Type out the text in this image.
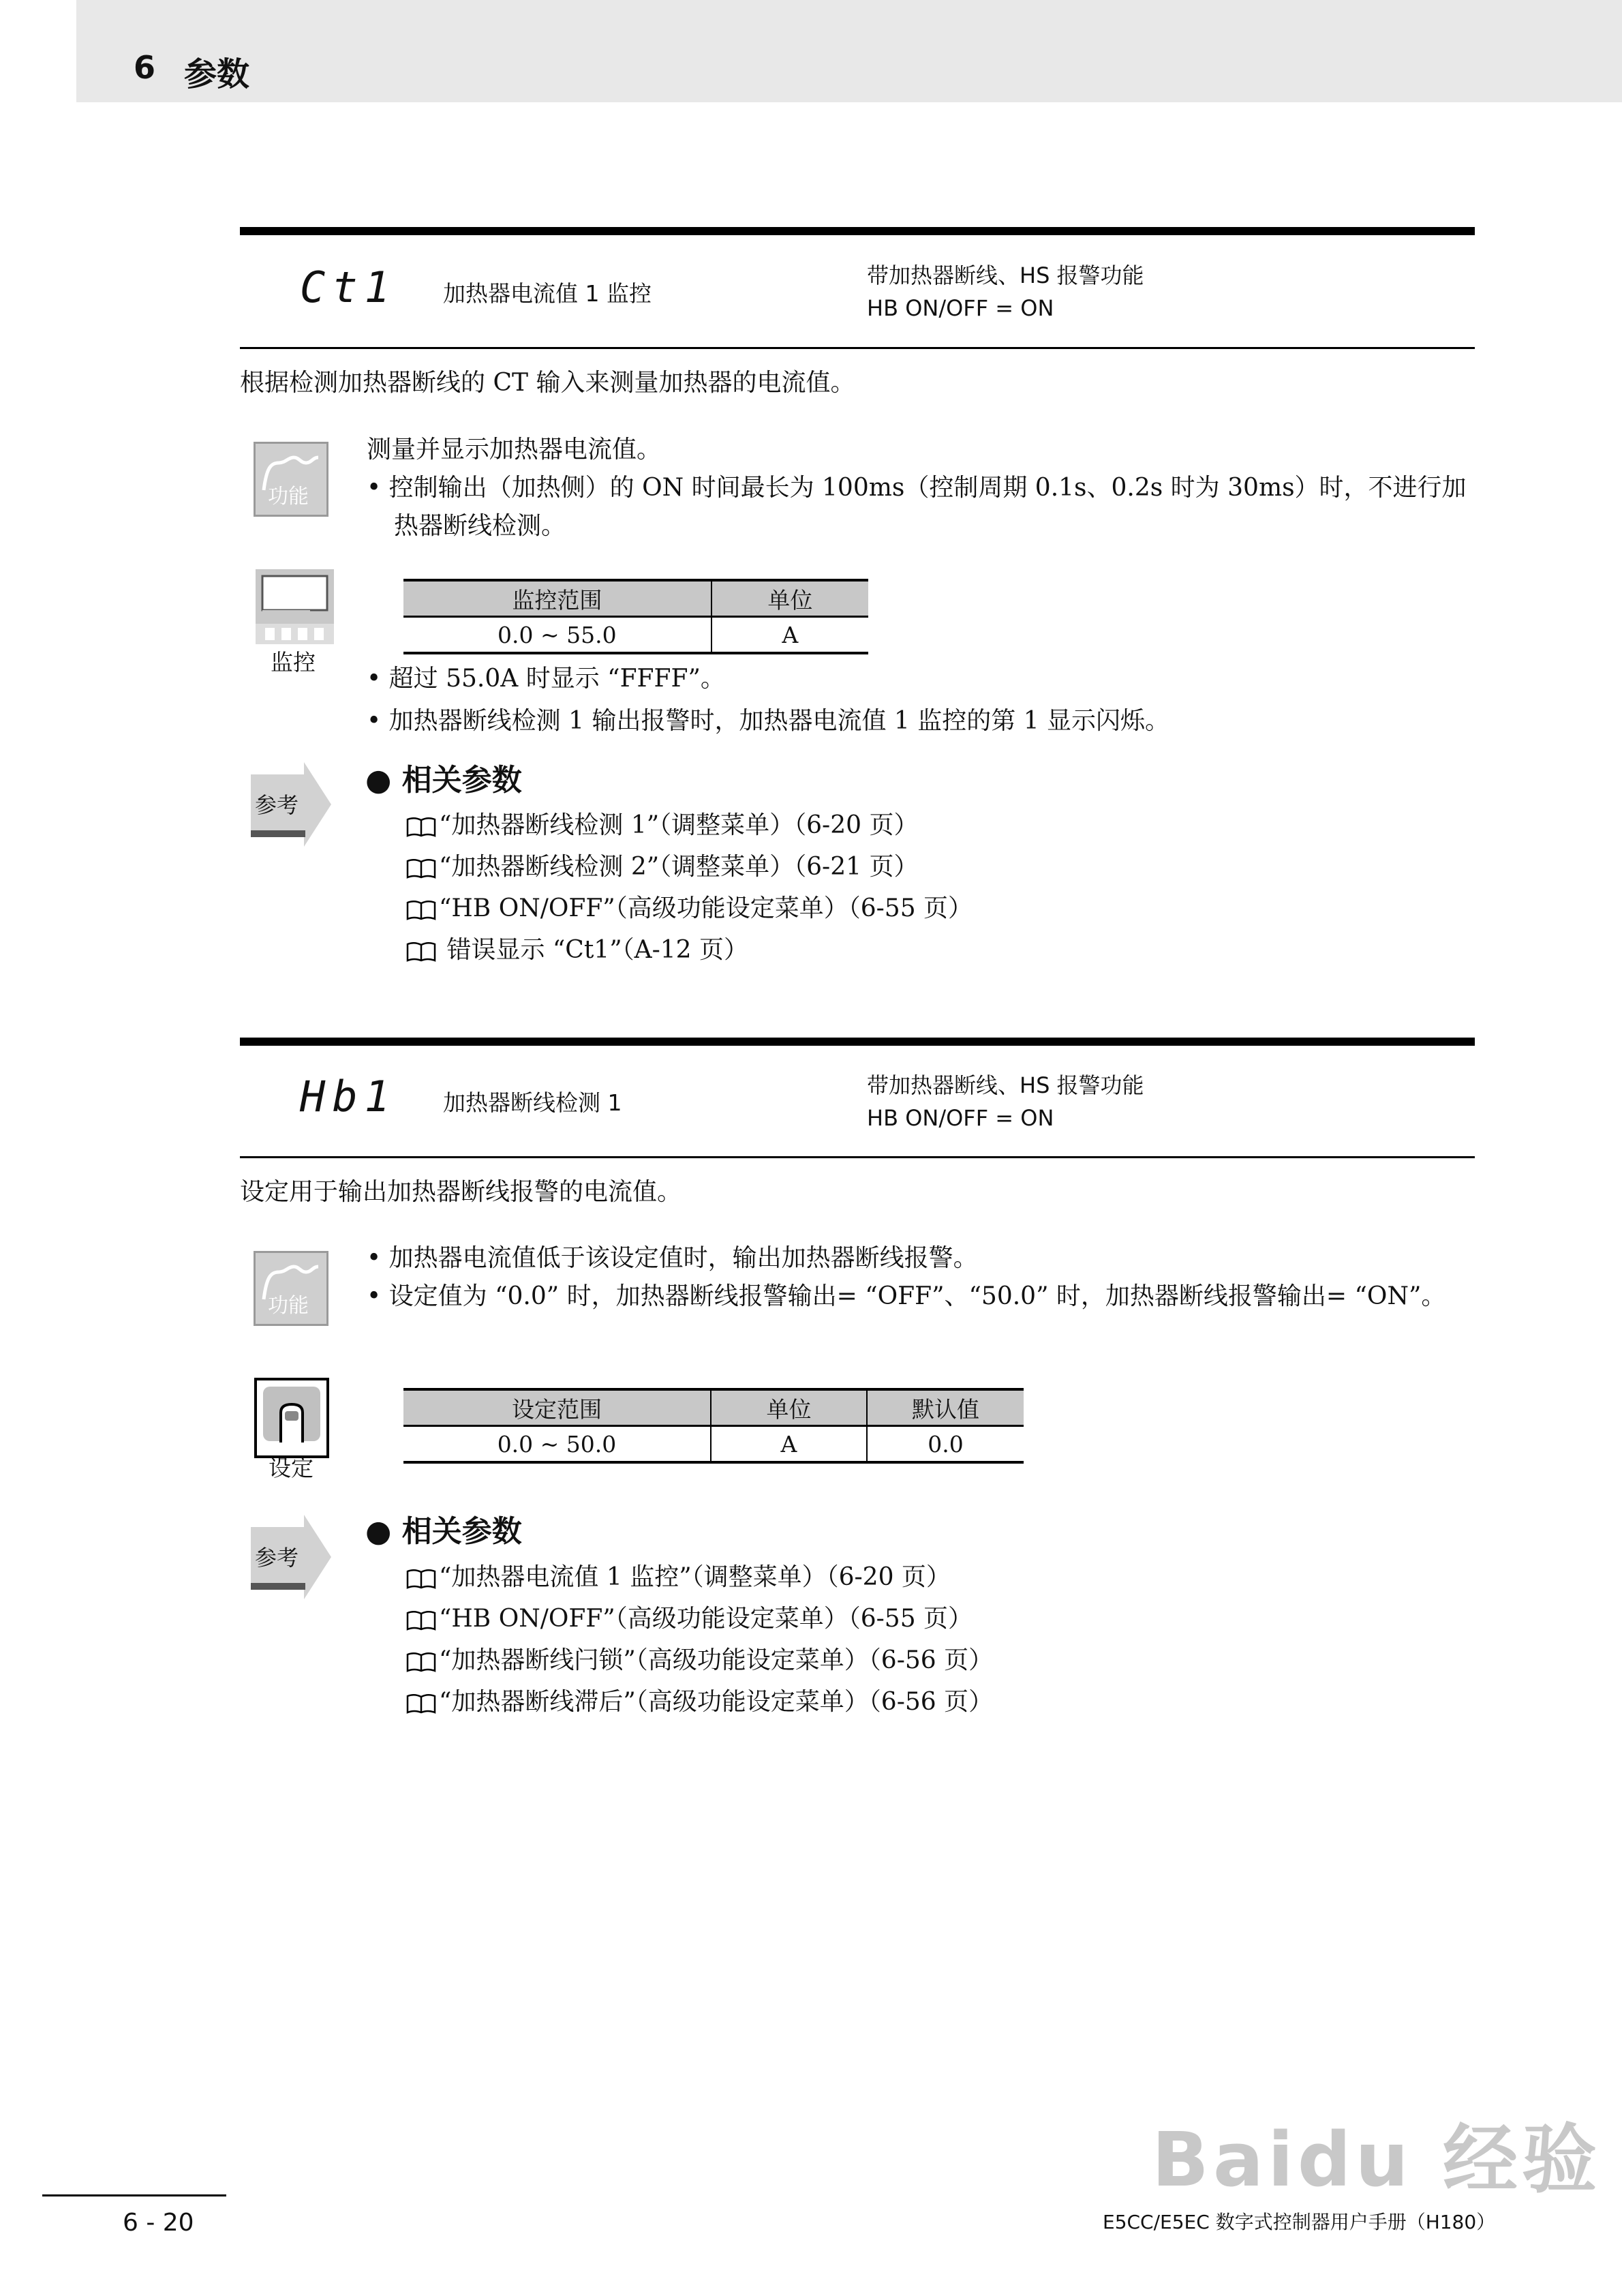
6 参数
Ct1 加热器电流值 1 监控
带加热器断线、HS 报警功能
HB ON/OFF = ON
根据检测加热器断线的 CT 输入来测量加热器的电流值。
功能

测量并显示加热器电流值。

• 控制输出（加热侧）的 ON 时间最长为 100ms（控制周期 0.1s、0.2s 时为 30ms）时，不进行加热器断线检测。

监控
监控范围	单位
0.0 ~ 55.0	A

• 超过 55.0A 时显示 “FFFF”。

• 加热器断线检测 1 输出报警时，加热器电流值 1 监控的第 1 显示闪烁。

参考
● 相关参数
“加热器断线检测 1”（调整菜单）（6-20 页）
“加热器断线检测 2”（调整菜单）（6-21 页）
“HB ON/OFF”（高级功能设定菜单）（6-55 页）
错误显示 “Ct1”（A-12 页）
Hb1 加热器断线检测 1
带加热器断线、HS 报警功能
HB ON/OFF = ON
设定用于输出加热器断线报警的电流值。
功能

• 加热器电流值低于该设定值时，输出加热器断线报警。

• 设定值为 “0.0” 时，加热器断线报警输出= “OFF”、“50.0” 时，加热器断线报警输出= “ON”。

设定
设定范围	单位	默认值
0.0 ~ 50.0	A	0.0
参考
● 相关参数
“加热器电流值 1 监控”（调整菜单）（6-20 页）
“HB ON/OFF”（高级功能设定菜单）（6-55 页）
“加热器断线闩锁”（高级功能设定菜单）（6-56 页）
“加热器断线滞后”（高级功能设定菜单）（6-56 页）
Baidu 经验
6 - 20	E5CC/E5EC 数字式控制器用户手册（H180）
